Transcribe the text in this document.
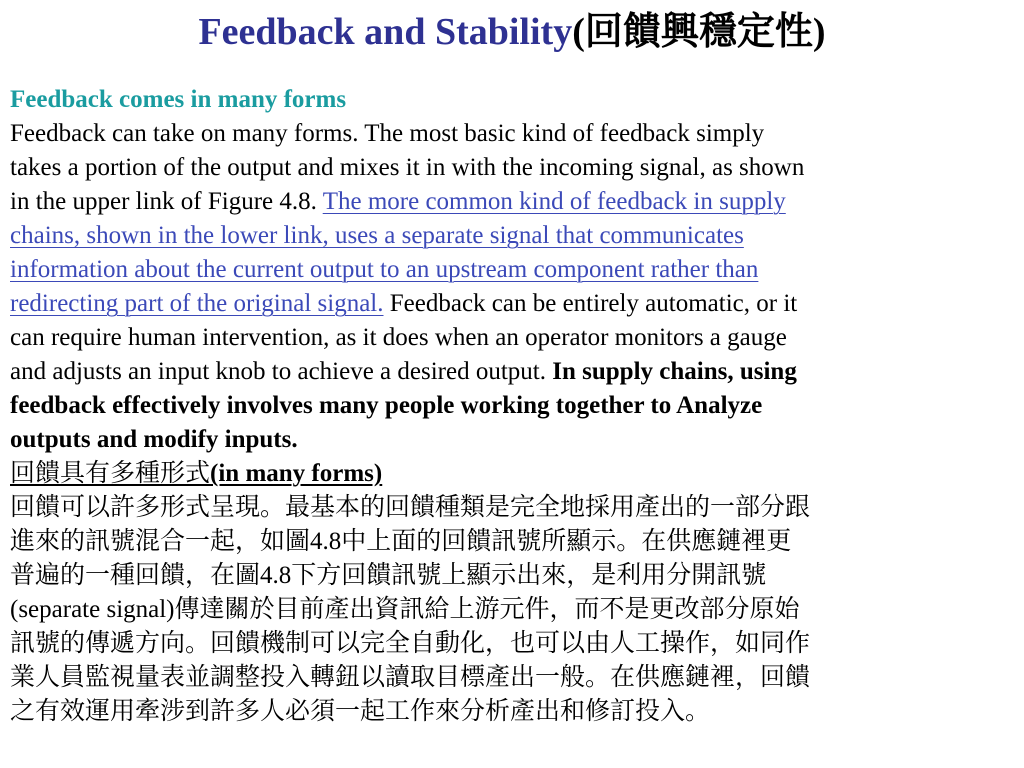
Feedback and Stability(回饋興穩定性)
Feedback comes in many forms
Feedback can take on many forms. The most basic kind of feedback simply
takes a portion of the output and mixes it in with the incoming signal, as shown
in the upper link of Figure 4.8. The more common kind of feedback in supply
chains, shown in the lower link, uses a separate signal that communicates
information about the current output to an upstream component rather than
redirecting part of the original signal. Feedback can be entirely automatic, or it
can require human intervention, as it does when an operator monitors a gauge
and adjusts an input knob to achieve a desired output. In supply chains, using
feedback effectively involves many people working together to Analyze
outputs and modify inputs.
回饋具有多種形式(in many forms)
回饋可以許多形式呈現。最基本的回饋種類是完全地採用產出的一部分跟
進來的訊號混合一起，如圖4.8中上面的回饋訊號所顯示。在供應鏈裡更
普遍的一種回饋，在圖4.8下方回饋訊號上顯示出來，是利用分開訊號
(separate signal)傳達關於目前產出資訊給上游元件，而不是更改部分原始
訊號的傳遞方向。回饋機制可以完全自動化，也可以由人工操作，如同作
業人員監視量表並調整投入轉鈕以讀取目標產出一般。在供應鏈裡，回饋
之有效運用牽涉到許多人必須一起工作來分析產出和修訂投入。
